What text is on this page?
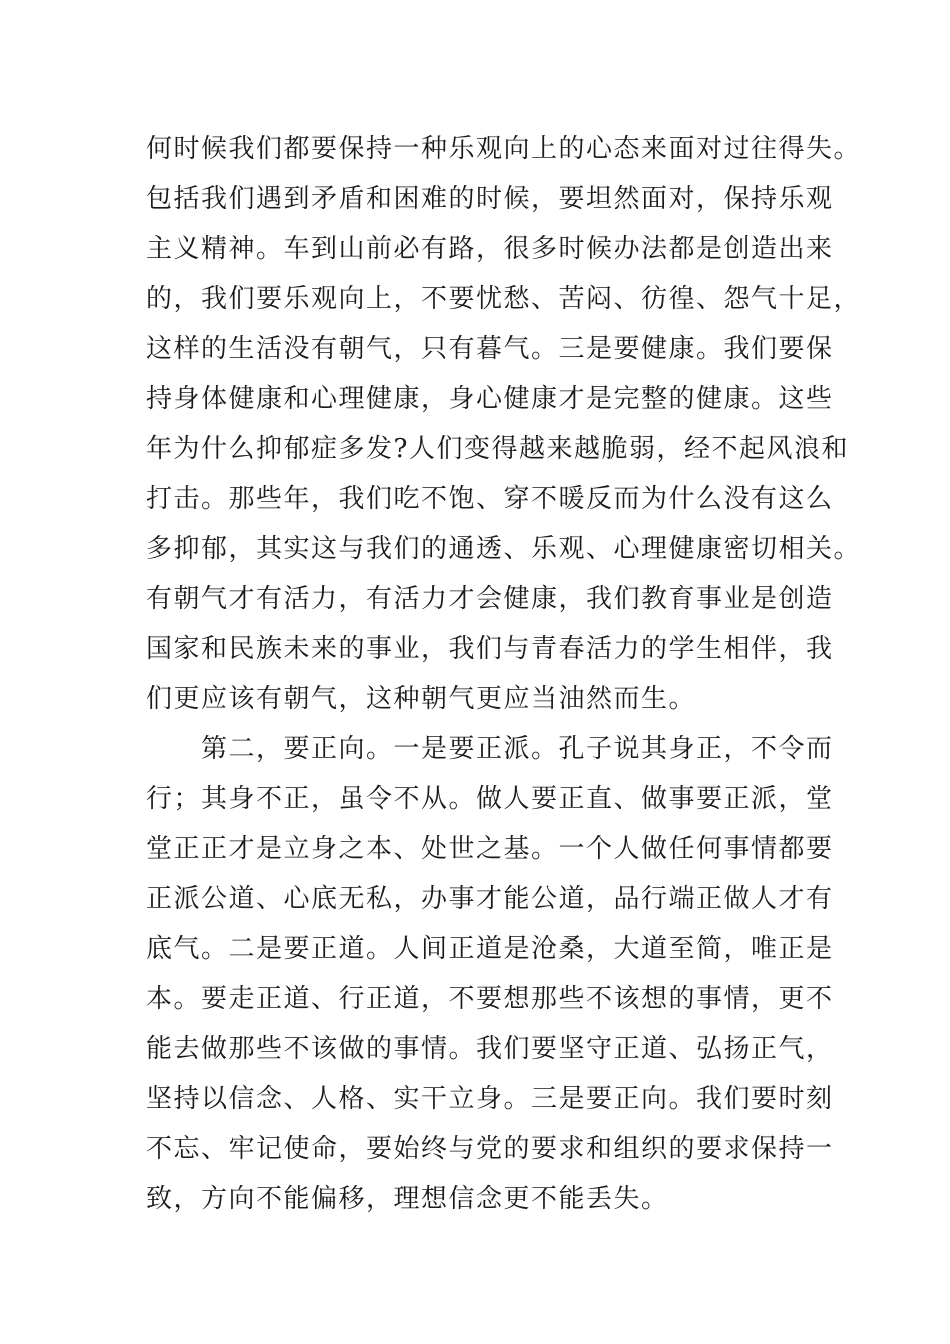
何时候我们都要保持一种乐观向上的心态来面对过往得失。
包括我们遇到矛盾和困难的时候，要坦然面对，保持乐观
主义精神。车到山前必有路，很多时候办法都是创造出来
的，我们要乐观向上，不要忧愁、苦闷、彷徨、怨气十足，
这样的生活没有朝气，只有暮气。三是要健康。我们要保
持身体健康和心理健康，身心健康才是完整的健康。这些
年为什么抑郁症多发?人们变得越来越脆弱，经不起风浪和
打击。那些年，我们吃不饱、穿不暖反而为什么没有这么
多抑郁，其实这与我们的通透、乐观、心理健康密切相关。
有朝气才有活力，有活力才会健康，我们教育事业是创造
国家和民族未来的事业，我们与青春活力的学生相伴，我
们更应该有朝气，这种朝气更应当油然而生。
　　第二，要正向。一是要正派。孔子说其身正，不令而
行；其身不正，虽令不从。做人要正直、做事要正派，堂
堂正正才是立身之本、处世之基。一个人做任何事情都要
正派公道、心底无私，办事才能公道，品行端正做人才有
底气。二是要正道。人间正道是沧桑，大道至简，唯正是
本。要走正道、行正道，不要想那些不该想的事情，更不
能去做那些不该做的事情。我们要坚守正道、弘扬正气，
坚持以信念、人格、实干立身。三是要正向。我们要时刻
不忘、牢记使命，要始终与党的要求和组织的要求保持一
致，方向不能偏移，理想信念更不能丢失。
